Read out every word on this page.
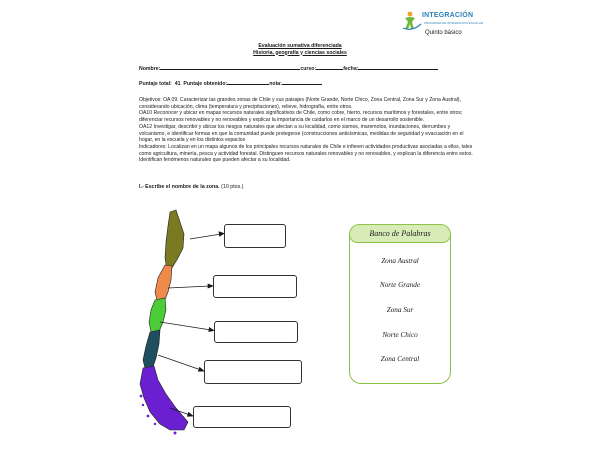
INTEGRACIÓN
PROGRAMA DE INTEGRACIÓN ESCOLAR
Quinto básico
Evaluación sumativa diferenciada
Historia, geografía y ciencias sociales
Nombre:	curso:	fecha:
Puntaje total: 41 Puntaje obtenido:	nota:

Objetivos: OA 09. Caracterizar las grandes zonas de Chile y sus paisajes (Norte Grande, Norte Chico, Zona Central, Zona Sur y Zona Austral), considerando ubicación, clima (temperatura y precipitaciones), relieve, hidrografía, entre otros.

OA10 Reconocer y ubicar en mapas recursos naturales significativos de Chile, como cobre, hierro, recursos marítimos y forestales, entre otros; diferenciar recursos renovables y no renovables y explicar la importancia de cuidarlos en el marco de un desarrollo sostenible.

OA12 Investigar, describir y ubicar los riesgos naturales que afectan a su localidad, como sismos, maremotos, inundaciones, derrumbes y volcanismo, e identificar formas en que la comunidad puede protegerse (construcciones antisísmicas, medidas de seguridad y evacuación en el hogar, en la escuela y en los distintos espacios

Indicadores: Localizan en un mapa algunos de los principales recursos naturales de Chile e infieren actividades productivas asociadas a ellos, tales como agricultura, minería, pesca y actividad forestal. Distinguen recursos naturales renovables y no renovables, y explican la diferencia entre estos. Identifican fenómenos naturales que pueden afectar a su localidad.

I.- Escribe el nombre de la zona. (10 ptos.)
Banco de Palabras
Zona Austral
Norte Grande
Zona Sur
Norte Chico
Zona Central
